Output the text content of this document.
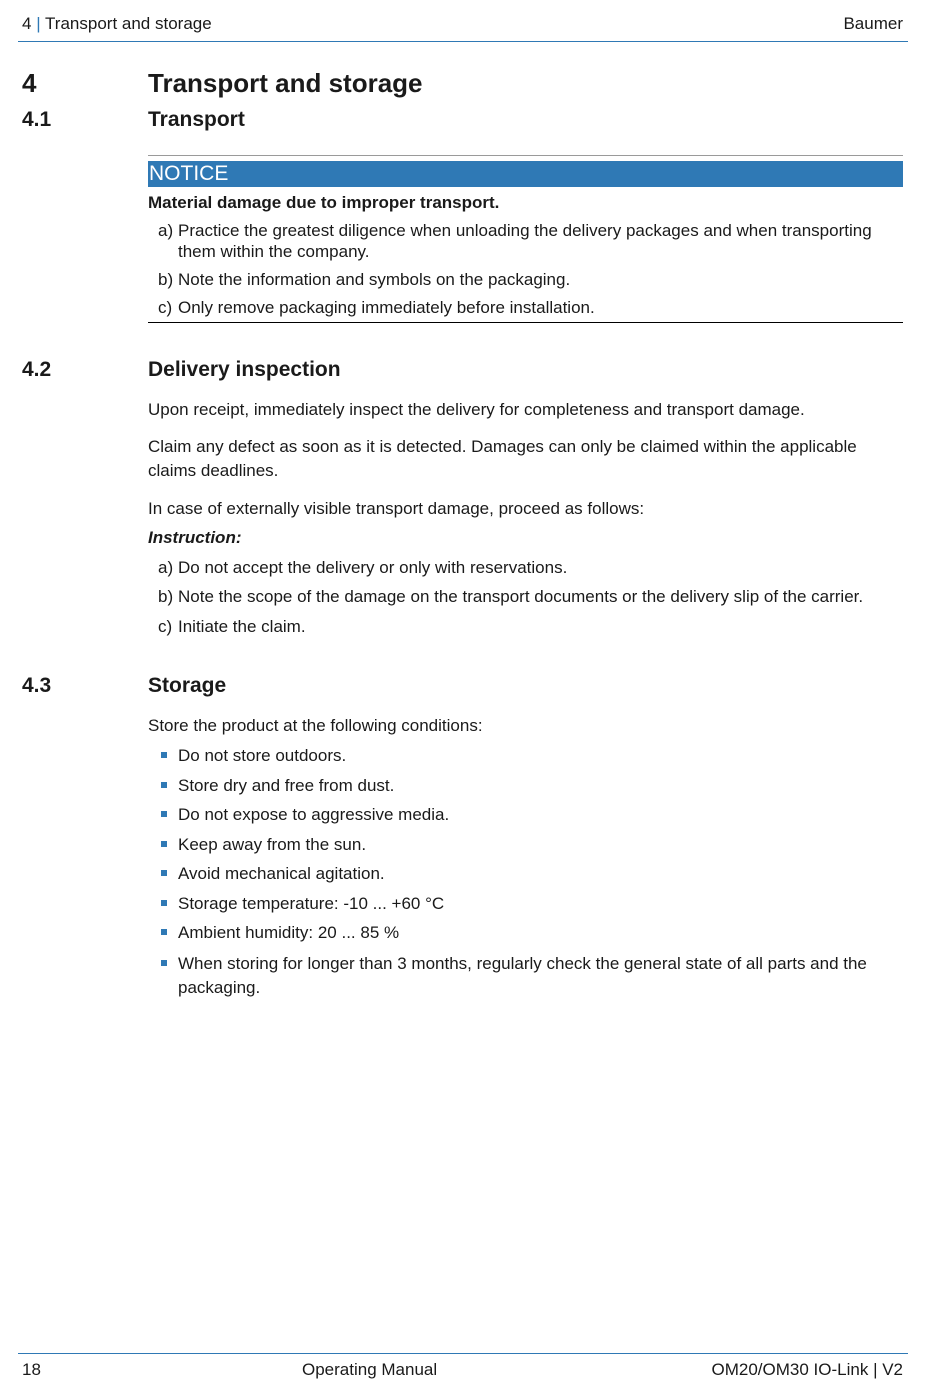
4 | Transport and storage	Baumer
4	Transport and storage
4.1	Transport
NOTICE
Material damage due to improper transport.
a) Practice the greatest diligence when unloading the delivery packages and when transporting
them within the company.
b) Note the information and symbols on the packaging.
c) Only remove packaging immediately before installation.
4.2	Delivery inspection
Upon receipt, immediately inspect the delivery for completeness and transport damage.
Claim any defect as soon as it is detected. Damages can only be claimed within the applicable
claims deadlines.
In case of externally visible transport damage, proceed as follows:
Instruction:
a) Do not accept the delivery or only with reservations.
b) Note the scope of the damage on the transport documents or the delivery slip of the carrier.
c) Initiate the claim.
4.3	Storage
Store the product at the following conditions:
Do not store outdoors.
Store dry and free from dust.
Do not expose to aggressive media.
Keep away from the sun.
Avoid mechanical agitation.
Storage temperature: -10 ... +60 °C
Ambient humidity: 20 ... 85 %
When storing for longer than 3 months, regularly check the general state of all parts and the
packaging.
18	Operating Manual	OM20/OM30 IO-Link | V2
